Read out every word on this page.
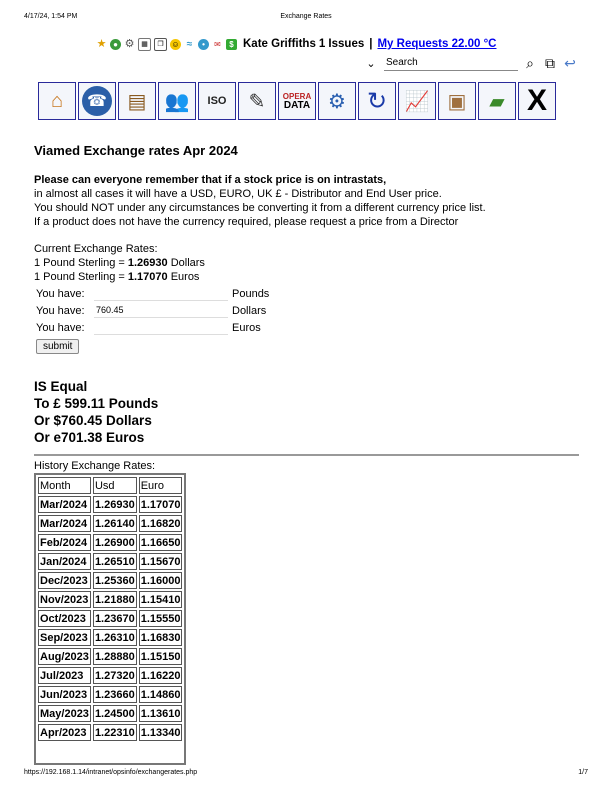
4/17/24, 1:54 PM	Exchange Rates
★ ● ⚙ ▦	❐ ☺ ≈	•	✉	$ Kate Griffiths 1 Issues | My Requests 22.00 °C
⌄
Search	⌕ ⧉ ↩
⌂	☎ ▤ 👥 ISO ✎ OPERA
DATA ⚙ ↻ 📈 ▣ ▰ X
Viamed Exchange rates Apr 2024
Please can everyone remember that if a stock price is on intrastats,
in almost all cases it will have a USD, EURO, UK £ - Distributor and End User price.
You should NOT under any circumstances be converting it from a different currency price list.
If a product does not have the currency required, please request a price from a Director
Current Exchange Rates:
1 Pound Sterling = 1.26930 Dollars
1 Pound Sterling = 1.17070 Euros
You have:		Pounds
You have:	760.45	Dollars
You have:		Euros
submit
IS Equal
To £ 599.11 Pounds
Or $760.45 Dollars
Or e701.38 Euros
History Exchange Rates:
Month	Usd	Euro
Mar/2024	1.26930	1.17070
Mar/2024	1.26140	1.16820
Feb/2024	1.26900	1.16650
Jan/2024	1.26510	1.15670
Dec/2023	1.25360	1.16000
Nov/2023	1.21880	1.15410
Oct/2023	1.23670	1.15550
Sep/2023	1.26310	1.16830
Aug/2023	1.28880	1.15150
Jul/2023	1.27320	1.16220
Jun/2023	1.23660	1.14860
May/2023	1.24500	1.13610
Apr/2023	1.22310	1.13340

https://192.168.1.14/intranet/opsinfo/exchangerates.php	1/7
